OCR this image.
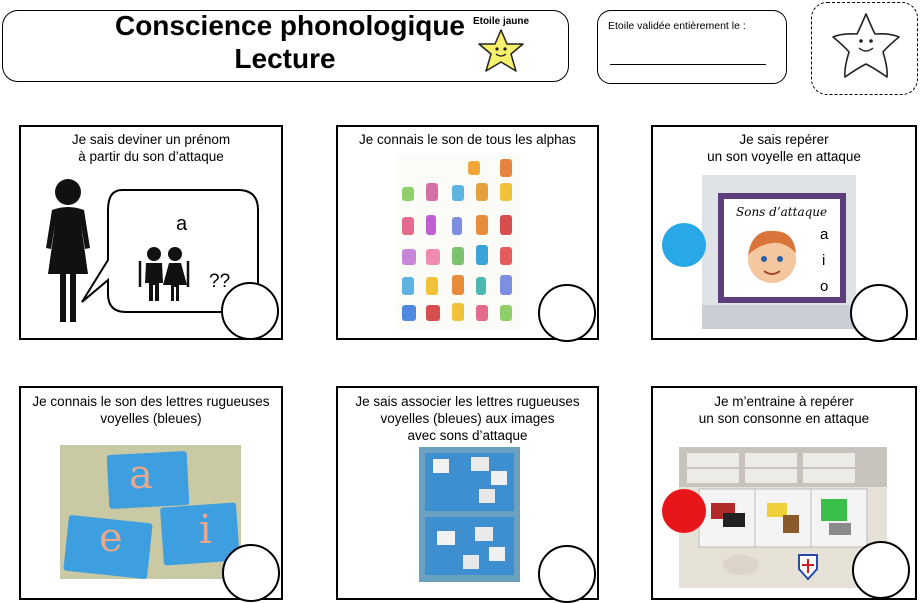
Conscience phonologique
Lecture
Etoile jaune	Etoile validée entièrement le :
Je sais deviner un prénom
à partir du son d’attaque
a
??
Je connais le son de tous les alphas	Je sais repérer
un son voyelle en attaque
Sons d’attaque
a
i
o
Je connais le son des lettres rugueuses
voyelles (bleues)
a
e i
Je sais associer les lettres rugueuses
voyelles (bleues) aux images
avec sons d’attaque
Je m’entraine à repérer
un son consonne en attaque
